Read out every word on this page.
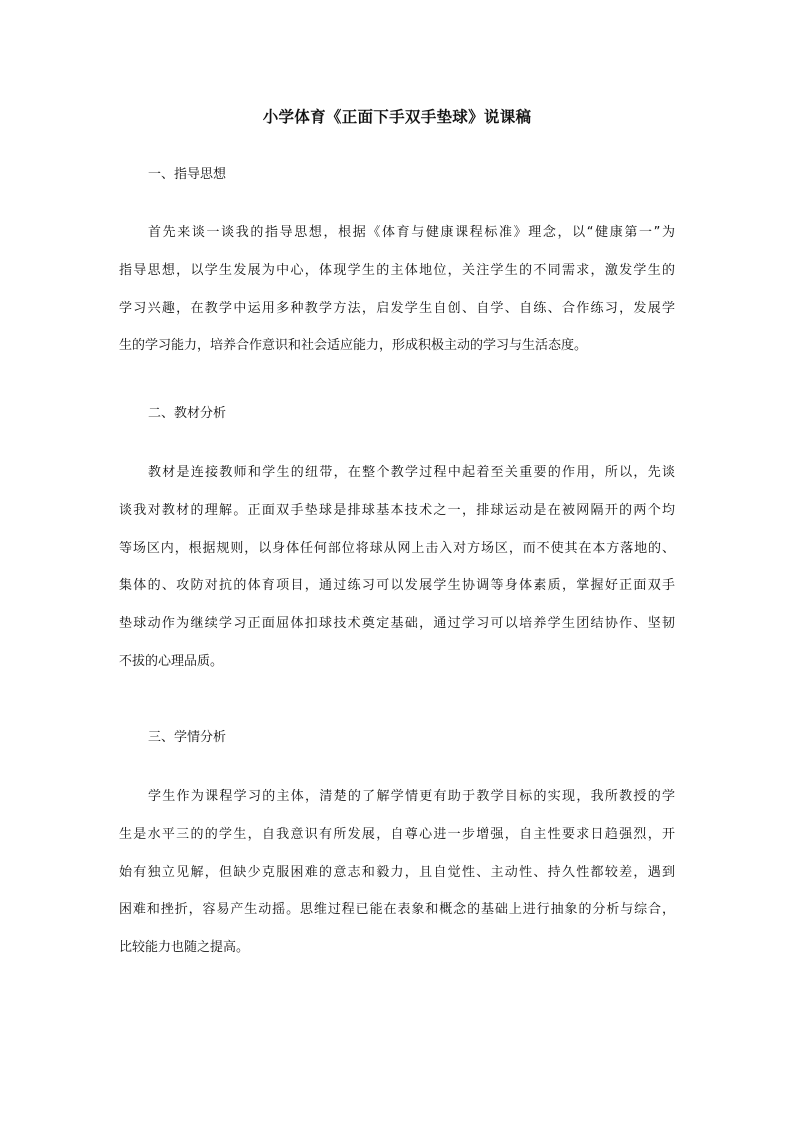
小学体育《正面下手双手垫球》说课稿
一、指导思想
首先来谈一谈我的指导思想，根据《体育与健康课程标准》理念，以“健康第一”为
指导思想，以学生发展为中心，体现学生的主体地位，关注学生的不同需求，激发学生的
学习兴趣，在教学中运用多种教学方法，启发学生自创、自学、自练、合作练习，发展学
生的学习能力，培养合作意识和社会适应能力，形成积极主动的学习与生活态度。
二、教材分析
教材是连接教师和学生的纽带，在整个教学过程中起着至关重要的作用，所以，先谈
谈我对教材的理解。正面双手垫球是排球基本技术之一，排球运动是在被网隔开的两个均
等场区内，根据规则，以身体任何部位将球从网上击入对方场区，而不使其在本方落地的、
集体的、攻防对抗的体育项目，通过练习可以发展学生协调等身体素质，掌握好正面双手
垫球动作为继续学习正面屈体扣球技术奠定基础，通过学习可以培养学生团结协作、坚韧
不拔的心理品质。
三、学情分析
学生作为课程学习的主体，清楚的了解学情更有助于教学目标的实现，我所教授的学
生是水平三的的学生，自我意识有所发展，自尊心进一步增强，自主性要求日趋强烈，开
始有独立见解，但缺少克服困难的意志和毅力，且自觉性、主动性、持久性都较差，遇到
困难和挫折，容易产生动摇。思维过程已能在表象和概念的基础上进行抽象的分析与综合，
比较能力也随之提高。
